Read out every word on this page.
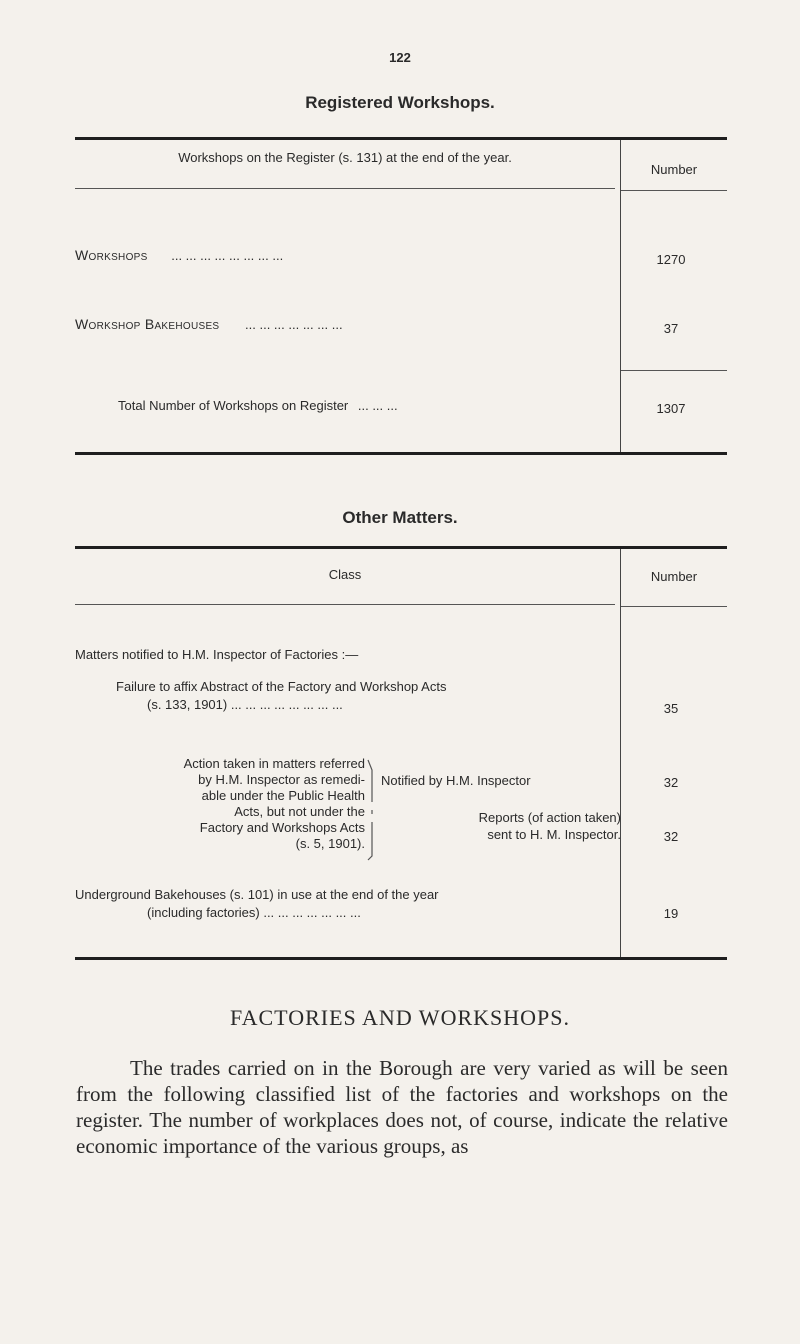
122
Registered Workshops.
Workshops on the Register (s. 131) at the end of the year.
Number
Workshops ... ... ... ... ... ... ... ...	1270
Workshop Bakehouses ... ... ... ... ... ... ...	37
Total Number of Workshops on Register ... ... ...	1307
Other Matters.
Class	Number
Matters notified to H.M. Inspector of Factories :—
Failure to affix Abstract of the Factory and Workshop Acts
(s. 133, 1901) ... ... ... ... ... ... ... ...	35
Action taken in matters referred
by H.M. Inspector as remedi-
able under the Public Health
Acts, but not under the
Factory and Workshops Acts
(s. 5, 1901).
Notified by H.M. Inspector	32
Reports (of action taken)
sent to H. M. Inspector.	32
Underground Bakehouses (s. 101) in use at the end of the year
(including factories) ... ... ... ... ... ... ...	19
FACTORIES AND WORKSHOPS.
The trades carried on in the Borough are very varied as will be seen from the following classified list of the factories and workshops on the register. The number of workplaces does not, of course, indicate the relative economic importance of the various groups, as
